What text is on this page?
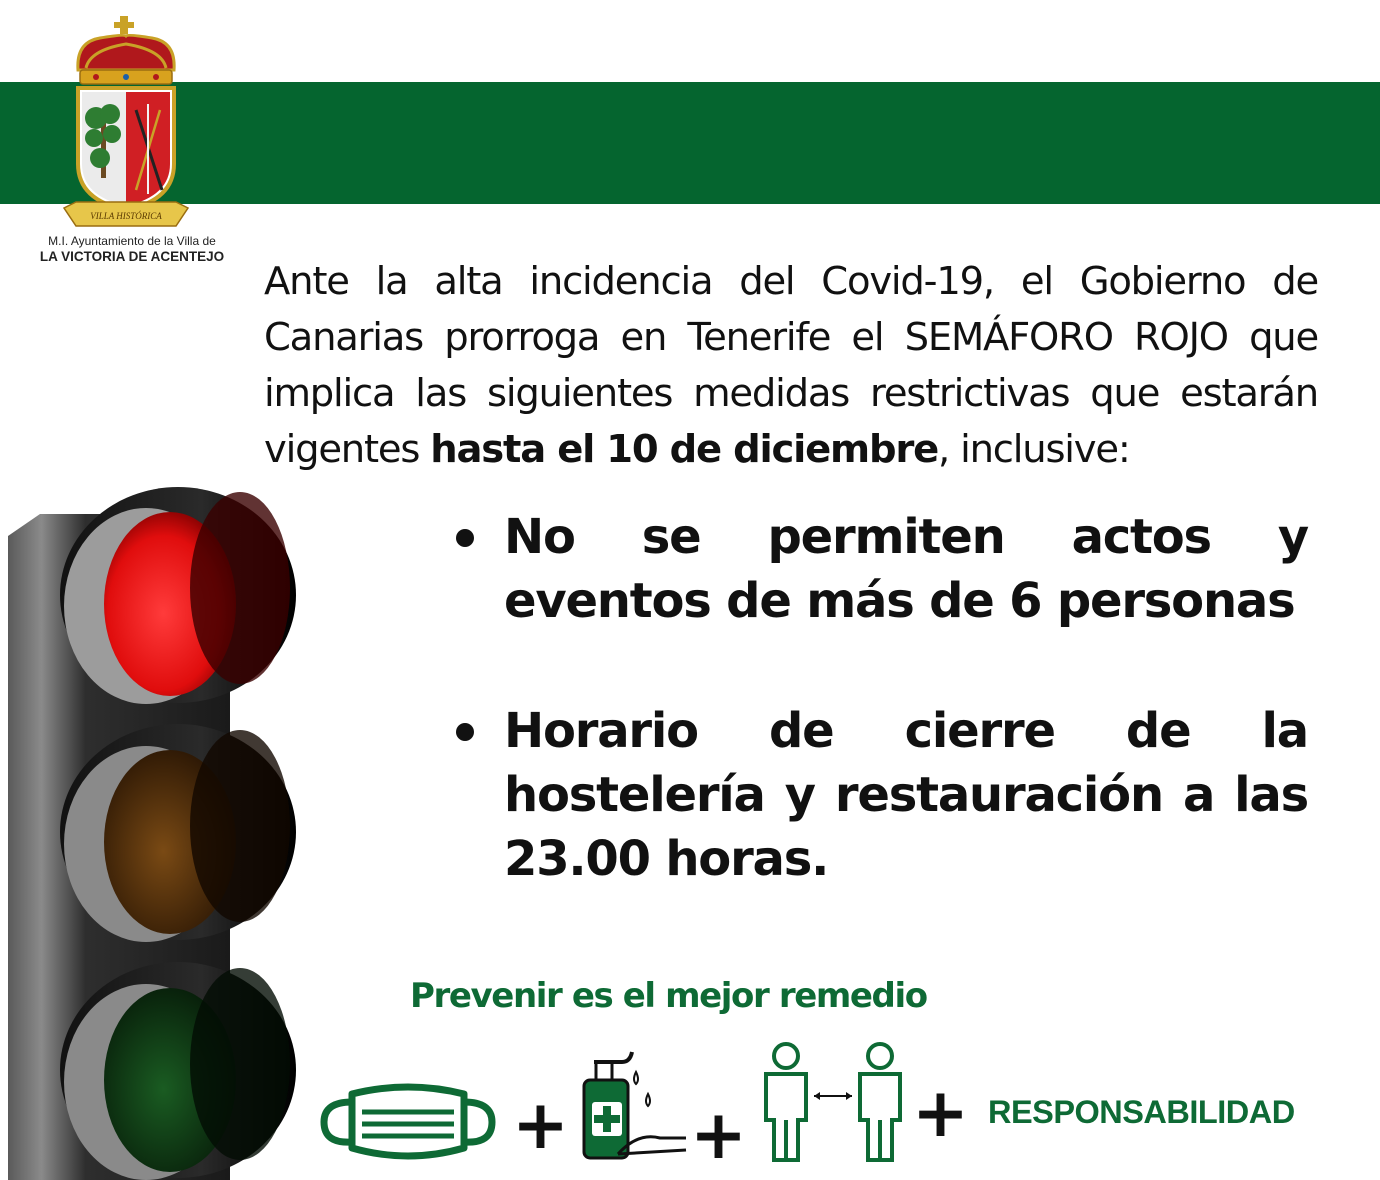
VILLA HISTÓRICA
M.I. Ayuntamiento de la Villa de
LA VICTORIA DE ACENTEJO
Ante la alta incidencia del Covid-19, el Gobierno de Canarias prorroga en Tenerife el SEMÁFORO ROJO que implica las siguientes medidas restrictivas que estarán vigentes hasta el 10 de diciembre, inclusive:
No se permiten actos y eventos de más de 6 personas
Horario de cierre de la hostelería y restauración a las 23.00 horas.
Prevenir es el mejor remedio
+ + + RESPONSABILIDAD
